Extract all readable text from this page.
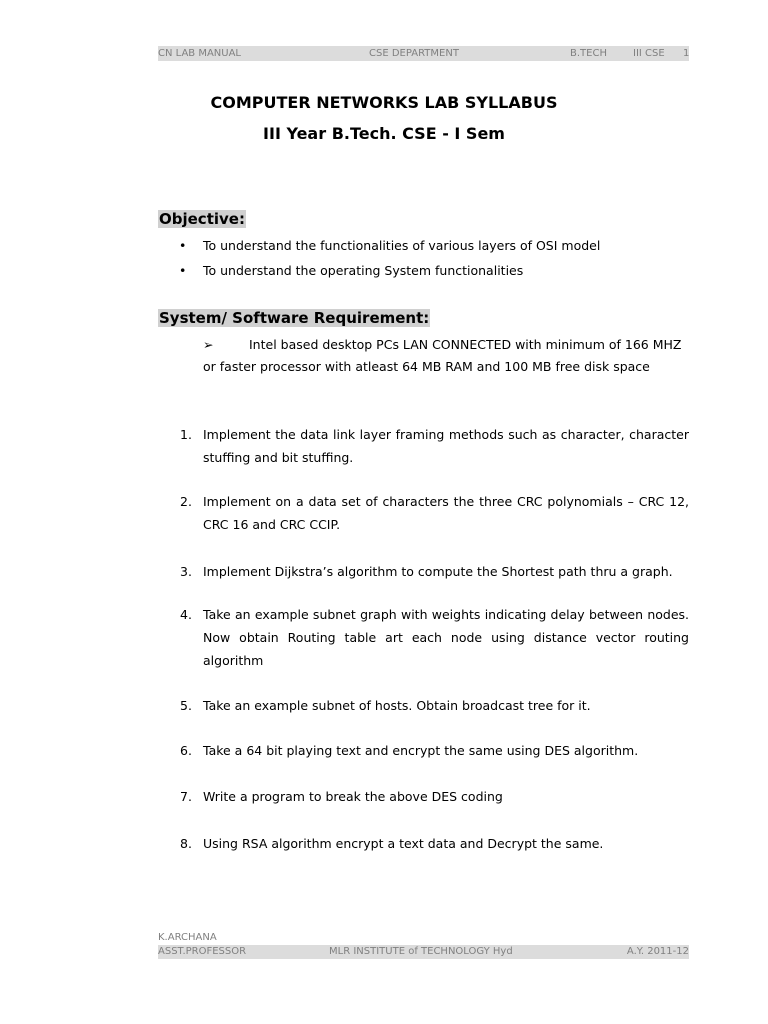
CN LAB MANUAL	CSE DEPARTMENT	B.TECH	III CSE 1
COMPUTER NETWORKS LAB SYLLABUS
III Year B.Tech. CSE - I Sem
Objective:
• To understand the functionalities of various layers of OSI model
• To understand the operating System functionalities
System/ Software Requirement:
➢	Intel based desktop PCs LAN CONNECTED with minimum of 166 MHZ
or faster processor with atleast 64 MB RAM and 100 MB free disk space
1. Implement the data link layer framing methods such as character, character stuffing and bit stuffing.
2. Implement on a data set of characters the three CRC polynomials – CRC 12, CRC 16 and CRC CCIP.
3. Implement Dijkstra’s algorithm to compute the Shortest path thru a graph.
4. Take an example subnet graph with weights indicating delay between nodes. Now obtain Routing table art each node using distance vector routing algorithm
5. Take an example subnet of hosts. Obtain broadcast tree for it.
6. Take a 64 bit playing text and encrypt the same using DES algorithm.
7. Write a program to break the above DES coding
8. Using RSA algorithm encrypt a text data and Decrypt the same.
K.ARCHANA
ASST.PROFESSOR	MLR INSTITUTE of TECHNOLOGY Hyd	A.Y. 2011-12
